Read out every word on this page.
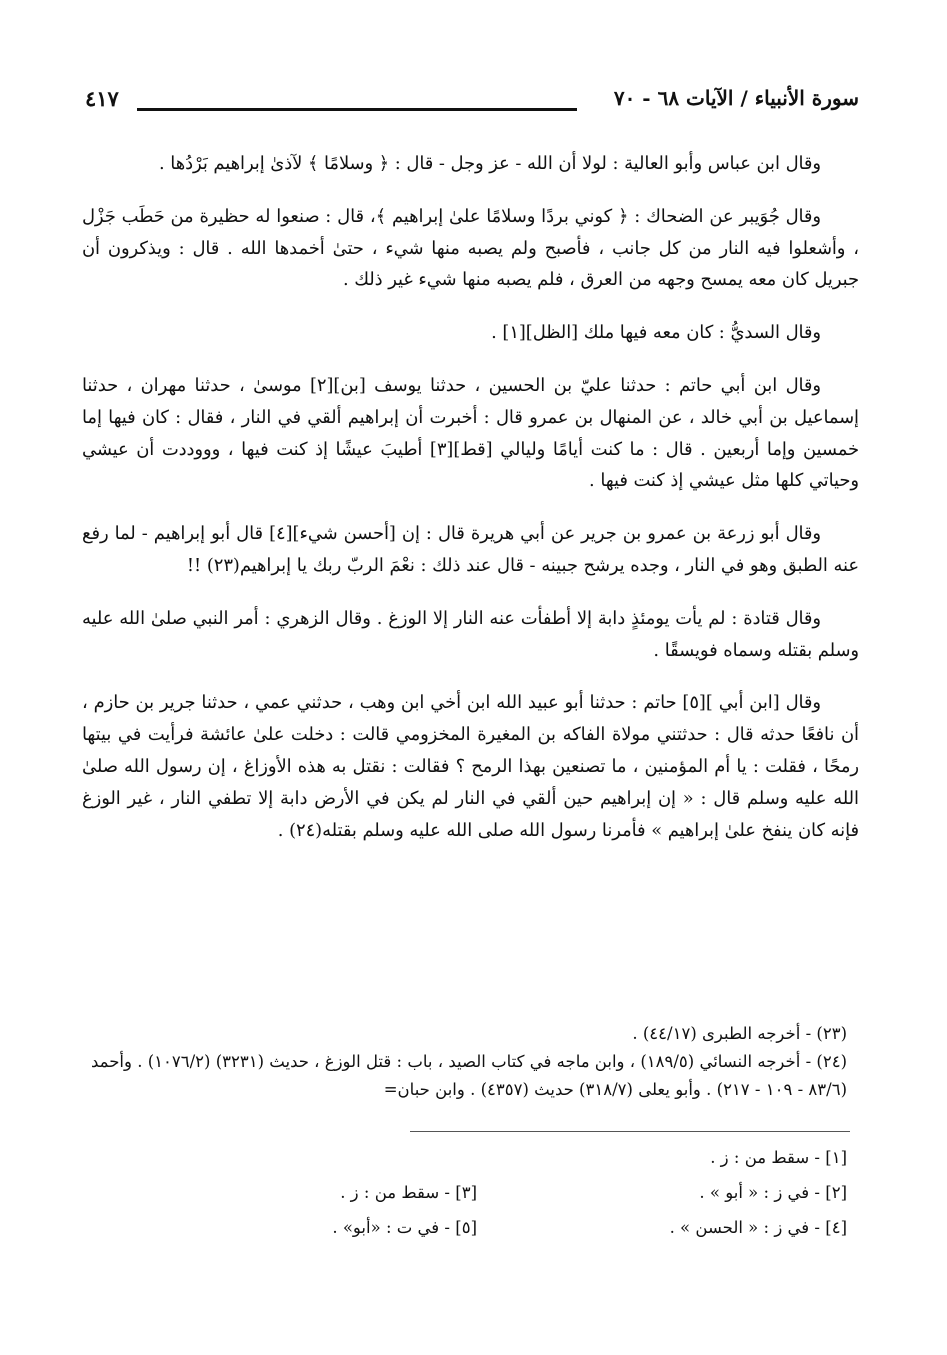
سورة الأنبياء / الآيات ٦٨ - ٧٠
٤١٧

وقال ابن عباس وأبو العالية : لولا أن الله - عز وجل - قال : ﴿ وسلامًا ﴾ لآذىٰ إبراهيم بَرْدُها .

وقال جُوَيبر عن الضحاك : ﴿ كوني بردًا وسلامًا علىٰ إبراهيم ﴾، قال : صنعوا له حظيرة من حَطَب جَزْل ، وأشعلوا فيه النار من كل جانب ، فأصبح ولم يصبه منها شيء ، حتىٰ أخمدها الله . قال : ويذكرون أن جبريل كان معه يمسح وجهه من العرق ، فلم يصبه منها شيء غير ذلك .

وقال السديُّ : كان معه فيها ملك [الظل][١] .

وقال ابن أبي حاتم : حدثنا عليّ بن الحسين ، حدثنا يوسف [بن][٢] موسىٰ ، حدثنا مهران ، حدثنا إسماعيل بن أبي خالد ، عن المنهال بن عمرو قال : أخبرت أن إبراهيم ألقي في النار ، فقال : كان فيها إما خمسين وإما أربعين . قال : ما كنت أيامًا وليالي [قط][٣] أطيبَ عيشًا إذ كنت فيها ، وووددت أن عيشي وحياتي كلها مثل عيشي إذ كنت فيها .

وقال أبو زرعة بن عمرو بن جرير عن أبي هريرة قال : إن [أحسن شيء][٤] قال أبو إبراهيم - لما رفع عنه الطبق وهو في النار ، وجده يرشح جبينه - قال عند ذلك : نعْمَ الربّ ربك يا إبراهيم(٢٣) !!

وقال قتادة : لم يأت يومئذٍ دابة إلا أطفأت عنه النار إلا الوزغ . وقال الزهري : أمر النبي صلىٰ الله عليه وسلم بقتله وسماه فويسقًا .

وقال [ابن أبي ][٥] حاتم : حدثنا أبو عبيد الله ابن أخي ابن وهب ، حدثني عمي ، حدثنا جرير بن حازم ، أن نافعًا حدثه قال : حدثتني مولاة الفاكه بن المغيرة المخزومي قالت : دخلت علىٰ عائشة فرأيت في بيتها رمحًا ، فقلت : يا أم المؤمنين ، ما تصنعين بهذا الرمح ؟ فقالت : نقتل به هذه الأوزاغ ، إن رسول الله صلىٰ الله عليه وسلم قال : « إن إبراهيم حين ألقي في النار لم يكن في الأرض دابة إلا تطفي النار ، غير الوزغ فإنه كان ينفخ علىٰ إبراهيم » فأمرنا رسول الله صلى الله عليه وسلم بقتله(٢٤) .

(٢٣) - أخرجه الطبرى (٤٤/١٧) .

(٢٤) - أخرجه النسائي (١٨٩/٥) ، وابن ماجه في كتاب الصيد ، باب : قتل الوزغ ، حديث (٣٢٣١) (١٠٧٦/٢) . وأحمد (٨٣/٦ - ١٠٩ - ٢١٧) . وأبو يعلى (٣١٨/٧) حديث (٤٣٥٧) . وابن حبان=

[١] - سقط من : ز .
[٢] - في ز : « أبو » .
[٣] - سقط من : ز .
[٤] - في ز : « الحسن » .
[٥] - في ت : «أبو» .
